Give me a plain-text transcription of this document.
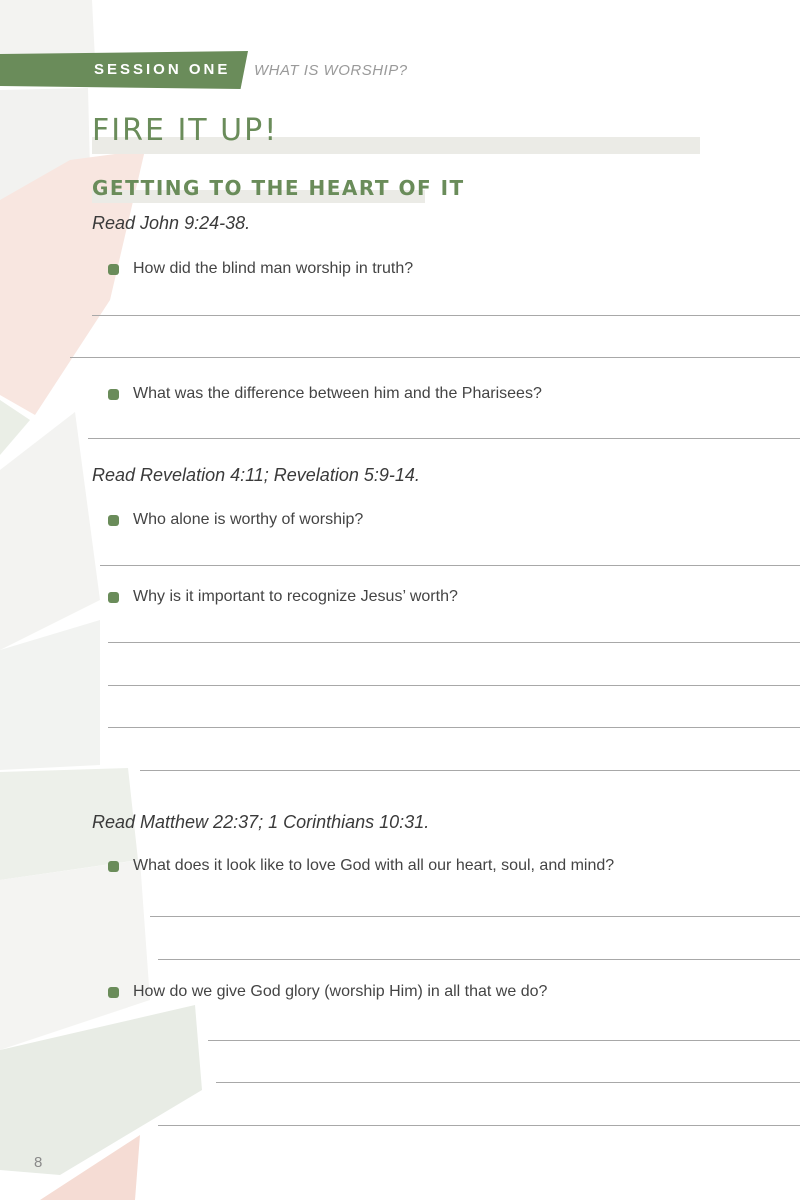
SESSION ONE WHAT IS WORSHIP?
FIRE IT UP!
GETTING TO THE HEART OF IT
Read John 9:24-38.
How did the blind man worship in truth?
What was the difference between him and the Pharisees?
Read Revelation 4:11; Revelation 5:9-14.
Who alone is worthy of worship?
Why is it important to recognize Jesus’ worth?
Read Matthew 22:37; 1 Corinthians 10:31.
What does it look like to love God with all our heart, soul, and mind?
How do we give God glory (worship Him) in all that we do?
8
